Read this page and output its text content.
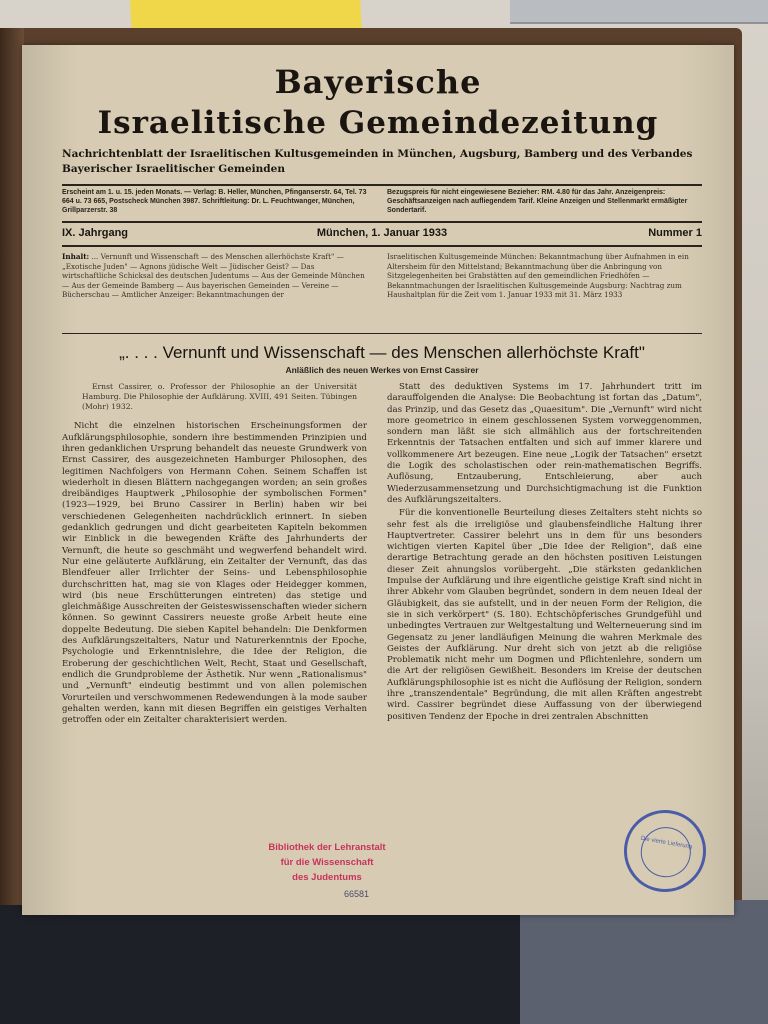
Bayerische
Israelitische Gemeindezeitung
Nachrichtenblatt der Israelitischen Kultusgemeinden in München, Augsburg, Bamberg und des Verbandes Bayerischer Israelitischer Gemeinden
Erscheint am 1. u. 15. jeden Monats. — Verlag: B. Heller, München, Pfinganserstr. 64, Tel. 73 664 u. 73 665, Postscheck München 3987. Schriftleitung: Dr. L. Feuchtwanger, München, Grillparzerstr. 38
Bezugspreis für nicht eingewiesene Bezieher: RM. 4.80 für das Jahr. Anzeigenpreis: Geschäftsanzeigen nach aufliegendem Tarif. Kleine Anzeigen und Stellenmarkt ermäßigter Sondertarif.
IX. Jahrgang	München, 1. Januar 1933	Nummer 1
Inhalt: ... Vernunft und Wissenschaft — des Menschen allerhöchste Kraft" — „Exotische Juden" — Agnons jüdische Welt — Jüdischer Geist? — Das wirtschaftliche Schicksal des deutschen Judentums — Aus der Gemeinde München — Aus der Gemeinde Bamberg — Aus bayerischen Gemeinden — Vereine — Bücherschau — Amtlicher Anzeiger: Bekanntmachungen der
Israelitischen Kultusgemeinde München: Bekanntmachung über Aufnahmen in ein Altersheim für den Mittelstand; Bekanntmachung über die Anbringung von Sitzgelegenheiten bei Grabstätten auf den gemeindlichen Friedhöfen — Bekanntmachungen der Israelitischen Kultusgemeinde Augsburg: Nachtrag zum Haushaltplan für die Zeit vom 1. Januar 1933 mit 31. März 1933
„. . . . Vernunft und Wissenschaft — des Menschen allerhöchste Kraft"
Anläßlich des neuen Werkes von Ernst Cassirer

Ernst Cassirer, o. Professor der Philosophie an der Universität Hamburg. Die Philosophie der Aufklärung. XVIII, 491 Seiten. Tübingen (Mohr) 1932.

Nicht die einzelnen historischen Erscheinungsformen der Aufklärungsphilosophie, sondern ihre bestimmenden Prinzipien und ihren gedanklichen Ursprung behandelt das neueste Grundwerk von Ernst Cassirer, des ausgezeichneten Hamburger Philosophen, des legitimen Nachfolgers von Hermann Cohen. Seinem Schaffen ist wiederholt in diesen Blättern nachgegangen worden; an sein großes dreibändiges Hauptwerk „Philosophie der symbolischen Formen" (1923—1929, bei Bruno Cassirer in Berlin) haben wir bei verschiedenen Gelegenheiten nachdrücklich erinnert. In sieben gedanklich gedrungen und dicht gearbeiteten Kapiteln bekommen wir Einblick in die bewegenden Kräfte des Jahrhunderts der Vernunft, die heute so geschmäht und wegwerfend behandelt wird. Nur eine geläuterte Aufklärung, ein Zeitalter der Vernunft, das das Blendfeuer aller Irrlichter der Seins- und Lebensphilosophie durchschritten hat, mag sie von Klages oder Heidegger kommen, wird (bis neue Erschütterungen eintreten) das stetige und gleichmäßige Ausschreiten der Geisteswissenschaften wieder sichern können. So gewinnt Cassirers neueste große Arbeit heute eine doppelte Bedeutung. Die sieben Kapitel behandeln: Die Denkformen des Aufklärungszeitalters, Natur und Naturerkenntnis der Epoche, Psychologie und Erkenntnislehre, die Idee der Religion, die Eroberung der geschichtlichen Welt, Recht, Staat und Gesellschaft, endlich die Grundprobleme der Ästhetik. Nur wenn „Rationalismus" und „Vernunft" eindeutig bestimmt und von allen polemischen Vorurteilen und verschwommenen Redewendungen à la mode sauber gehalten werden, kann mit diesen Begriffen ein geistiges Verhalten getroffen oder ein Zeitalter charakterisiert werden.

Statt des deduktiven Systems im 17. Jahrhundert tritt im darauffolgenden die Analyse: Die Beobachtung ist fortan das „Datum", das Prinzip, und das Gesetz das „Quaesitum". Die „Vernunft" wird nicht more geometrico in einem geschlossenen System vorweggenommen, sondern man läßt sie sich allmählich aus der fortschreitenden Erkenntnis der Tatsachen entfalten und sich auf immer klarere und vollkommenere Art bezeugen. Eine neue „Logik der Tatsachen" ersetzt die Logik des scholastischen oder rein-mathematischen Begriffs. Auflösung, Entzauberung, Entschleierung, aber auch Wiederzusammensetzung und Durchsichtigmachung ist die Funktion des Aufklärungszeitalters.

Für die konventionelle Beurteilung dieses Zeitalters steht nichts so sehr fest als die irreligiöse und glaubensfeindliche Haltung ihrer Hauptvertreter. Cassirer belehrt uns in dem für uns besonders wichtigen vierten Kapitel über „Die Idee der Religion", daß eine derartige Betrachtung gerade an den höchsten positiven Leistungen dieser Zeit ahnungslos vorübergeht. „Die stärksten gedanklichen Impulse der Aufklärung und ihre eigentliche geistige Kraft sind nicht in ihrer Abkehr vom Glauben begründet, sondern in dem neuen Ideal der Gläubigkeit, das sie aufstellt, und in der neuen Form der Religion, die sie in sich verkörpert" (S. 180). Echtschöpferisches Grundgefühl und unbedingtes Vertrauen zur Weltgestaltung und Welterneuerung sind im Gegensatz zu jener landläufigen Meinung die wahren Merkmale des Geistes der Aufklärung. Nur dreht sich von jetzt ab die religiöse Problematik nicht mehr um Dogmen und Pflichtenlehre, sondern um die Art der religiösen Gewißheit. Besonders im Kreise der deutschen Aufklärungsphilosophie ist es nicht die Auflösung der Religion, sondern ihre „transzendentale" Begründung, die mit allen Kräften angestrebt wird. Cassirer begründet diese Auffassung von der überwiegend positiven Tendenz der Epoche in drei zentralen Abschnitten

Bibliothek der Lehranstalt
für die Wissenschaft
des Judentums
66581
Die vierte Lieferung
